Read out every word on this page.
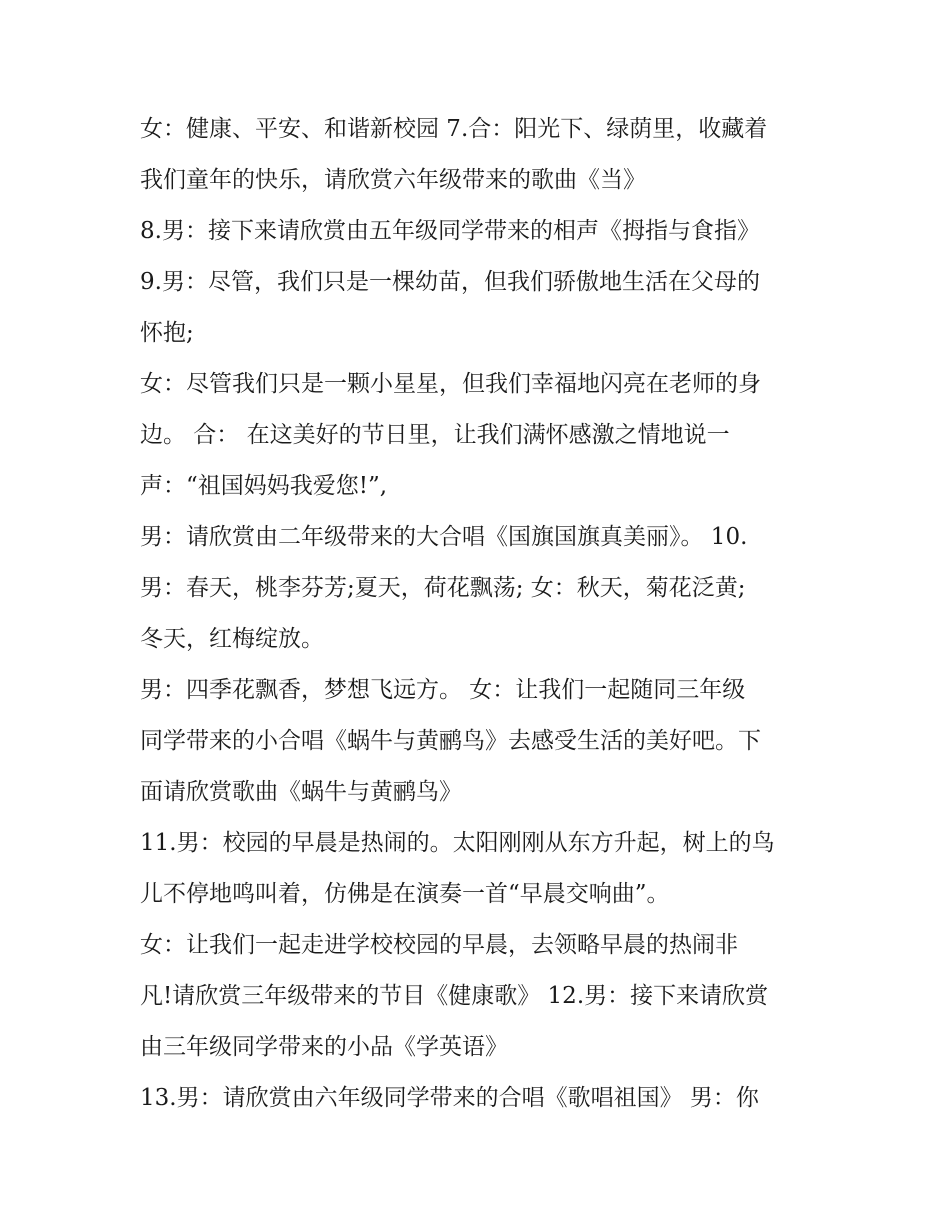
女：健康、平安、和谐新校园 7.合：阳光下、绿荫里，收藏着
我们童年的快乐，请欣赏六年级带来的歌曲《当》
8.男：接下来请欣赏由五年级同学带来的相声《拇指与食指》
9.男：尽管，我们只是一棵幼苗，但我们骄傲地生活在父母的
怀抱;
女：尽管我们只是一颗小星星，但我们幸福地闪亮在老师的身
边。 合： 在这美好的节日里，让我们满怀感激之情地说一
声：“祖国妈妈我爱您!”,
男：请欣赏由二年级带来的大合唱《国旗国旗真美丽》。 10.
男：春天，桃李芬芳;夏天，荷花飘荡; 女：秋天，菊花泛黄;
冬天，红梅绽放。
男：四季花飘香，梦想飞远方。 女：让我们一起随同三年级
同学带来的小合唱《蜗牛与黄鹂鸟》去感受生活的美好吧。下
面请欣赏歌曲《蜗牛与黄鹂鸟》
11.男：校园的早晨是热闹的。太阳刚刚从东方升起，树上的鸟
儿不停地鸣叫着，仿佛是在演奏一首“早晨交响曲”。
女：让我们一起走进学校校园的早晨，去领略早晨的热闹非
凡!请欣赏三年级带来的节目《健康歌》 12.男：接下来请欣赏
由三年级同学带来的小品《学英语》
13.男：请欣赏由六年级同学带来的合唱《歌唱祖国》 男：你
